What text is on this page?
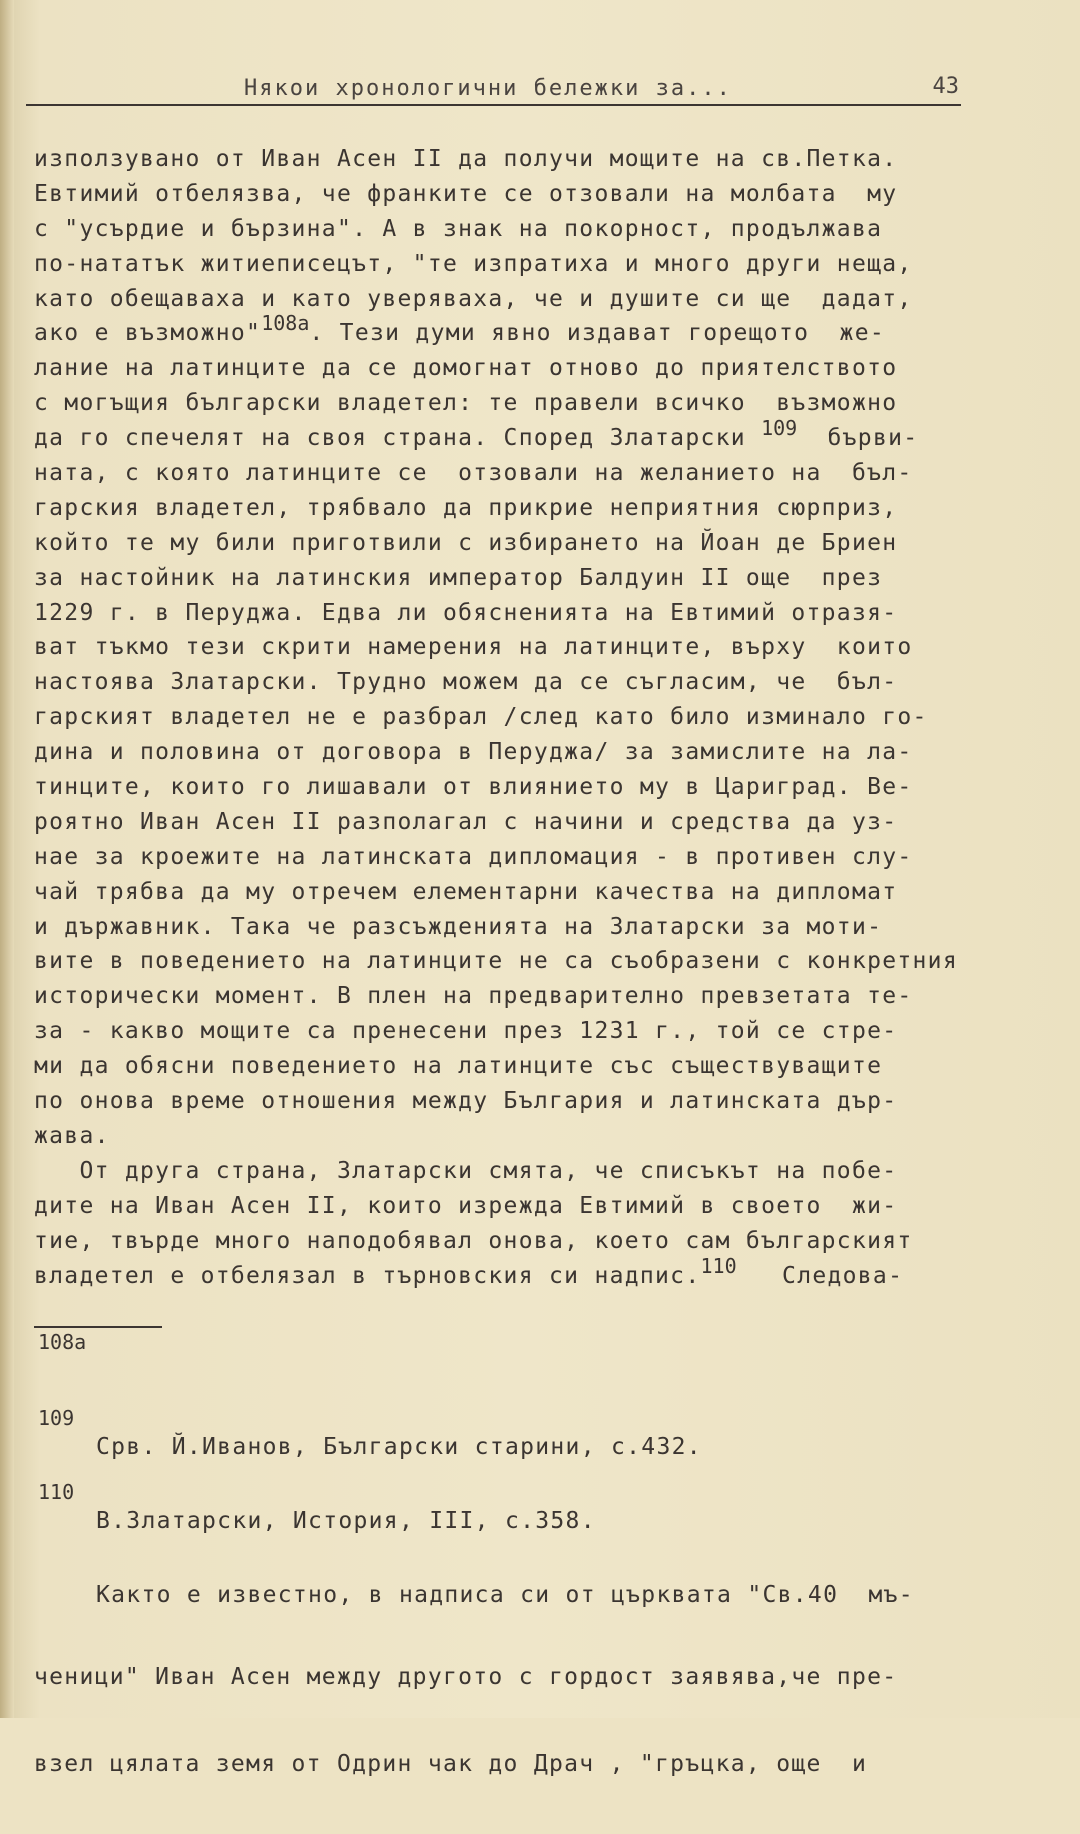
Някои хронологични бележки за...	43
използувано от Иван Асен II да получи мощите на св.Петка.
Евтимий отбелязва, че франките се отзовали на молбата  му
с "усърдие и бързина". А в знак на покорност, продължава
по-нататък житиеписецът, "те изпратиха и много други неща,
като обещаваха и като уверяваха, че и душите си ще  дадат,
ако е възможно"108а. Тези думи явно издават горещото  же-
лание на латинците да се домогнат отново до приятелството
с могъщия български владетел: те правели всичко  възможно
да го спечелят на своя страна. Според Златарски 109  бърви-
ната, с която латинците се  отзовали на желанието на  бъл-
гарския владетел, трябвало да прикрие неприятния сюрприз,
който те му били приготвили с избирането на Йоан де Бриен
за настойник на латинския император Балдуин II още  през
1229 г. в Перуджа. Едва ли обясненията на Евтимий отразя-
ват тъкмо тези скрити намерения на латинците, върху  които
настоява Златарски. Трудно можем да се съгласим, че  бъл-
гарският владетел не е разбрал /след като било изминало го-
дина и половина от договора в Перуджа/ за замислите на ла-
тинците, които го лишавали от влиянието му в Цариград. Ве-
роятно Иван Асен II разполагал с начини и средства да уз-
нае за кроежите на латинската дипломация - в противен слу-
чай трябва да му отречем елементарни качества на дипломат
и държавник. Така че разсъжденията на Златарски за моти-
вите в поведението на латинците не са съобразени с конкретния
исторически момент. В плен на предварително превзетата те-
за - какво мощите са пренесени през 1231 г., той се стре-
ми да обясни поведението на латинците със съществуващите
по онова време отношения между България и латинската дър-
жава.
От друга страна, Златарски смята, че списъкът на побе-
дите на Иван Асен II, които изрежда Евтимий в своето  жи-
тие, твърде много наподобявал онова, което сам българският
владетел е отбелязал в търновския си надпис.110   Следова-

108а

Срв. Й.Иванов, Български старини, с.432.

109

В.Златарски, История, III, с.358.

110

Както е известно, в надписа си от църквата "Св.40  мъ-

ченици" Иван Асен между другото с гордост заявява,че пре-

взел цялата земя от Одрин чак до Драч , "гръцка, още  и
